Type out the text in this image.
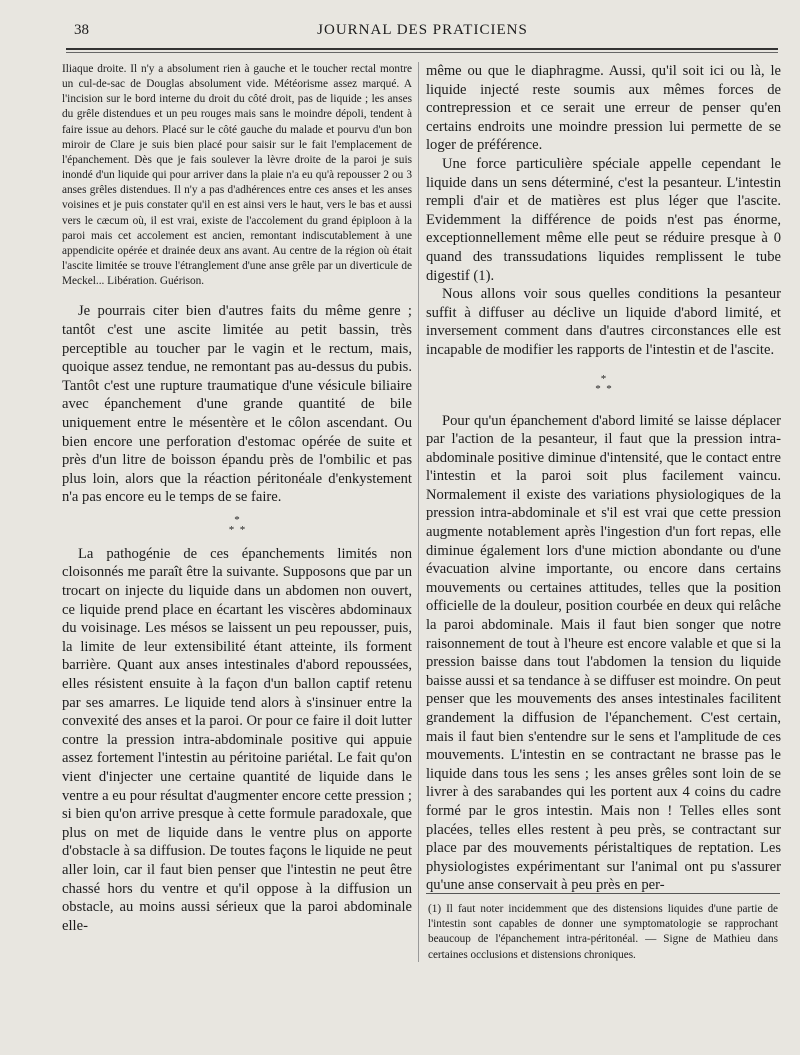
38	JOURNAL DES PRATICIENS

Iliaque droite. Il n'y a absolument rien à gauche et le toucher rectal montre un cul-de-sac de Douglas absolument vide. Météorisme assez marqué. A l'incision sur le bord interne du droit du côté droit, pas de liquide ; les anses du grêle distendues et un peu rouges mais sans le moindre dépoli, tendent à faire issue au dehors. Placé sur le côté gauche du malade et pourvu d'un bon miroir de Clare je suis bien placé pour saisir sur le fait l'emplacement de l'épanchement. Dès que je fais soulever la lèvre droite de la paroi je suis inondé d'un liquide qui pour arriver dans la plaie n'a eu qu'à repousser 2 ou 3 anses grêles distendues. Il n'y a pas d'adhérences entre ces anses et les anses voisines et je puis constater qu'il en est ainsi vers le haut, vers le bas et aussi vers le cæcum où, il est vrai, existe de l'accolement du grand épiploon à la paroi mais cet accolement est ancien, remontant indiscutablement à une appendicite opérée et drainée deux ans avant. Au centre de la région où était l'ascite limitée se trouve l'étranglement d'une anse grêle par un diverticule de Meckel... Libération. Guérison.

Je pourrais citer bien d'autres faits du même genre ; tantôt c'est une ascite limitée au petit bassin, très perceptible au toucher par le vagin et le rectum, mais, quoique assez tendue, ne remontant pas au-dessus du pubis. Tantôt c'est une rupture traumatique d'une vésicule biliaire avec épanchement d'une grande quantité de bile uniquement entre le mésentère et le côlon ascendant. Ou bien encore une perforation d'estomac opérée de suite et près d'un litre de boisson épandu près de l'ombilic et pas plus loin, alors que la réaction péritonéale d'enkystement n'a pas encore eu le temps de se faire.

*
*  *

La pathogénie de ces épanchements limités non cloisonnés me paraît être la suivante. Supposons que par un trocart on injecte du liquide dans un abdomen non ouvert, ce liquide prend place en écartant les viscères abdominaux du voisinage. Les mésos se laissent un peu repousser, puis, la limite de leur extensibilité étant atteinte, ils forment barrière. Quant aux anses intestinales d'abord repoussées, elles résistent ensuite à la façon d'un ballon captif retenu par ses amarres. Le liquide tend alors à s'insinuer entre la convexité des anses et la paroi. Or pour ce faire il doit lutter contre la pression intra-abdominale positive qui appuie assez fortement l'intestin au péritoine pariétal. Le fait qu'on vient d'injecter une certaine quantité de liquide dans le ventre a eu pour résultat d'augmenter encore cette pression ; si bien qu'on arrive presque à cette formule paradoxale, que plus on met de liquide dans le ventre plus on apporte d'obstacle à sa diffusion. De toutes façons le liquide ne peut aller loin, car il faut bien penser que l'intestin ne peut être chassé hors du ventre et qu'il oppose à la diffusion un obstacle, au moins aussi sérieux que la paroi abdominale elle-

même ou que le diaphragme. Aussi, qu'il soit ici ou là, le liquide injecté reste soumis aux mêmes forces de contrepression et ce serait une erreur de penser qu'en certains endroits une moindre pression lui permette de se loger de préférence.

Une force particulière spéciale appelle cependant le liquide dans un sens déterminé, c'est la pesanteur. L'intestin rempli d'air et de matières est plus léger que l'ascite. Evidemment la différence de poids n'est pas énorme, exceptionnellement même elle peut se réduire presque à 0 quand des transsudations liquides remplissent le tube digestif (1).

Nous allons voir sous quelles conditions la pesanteur suffit à diffuser au déclive un liquide d'abord limité, et inversement comment dans d'autres circonstances elle est incapable de modifier les rapports de l'intestin et de l'ascite.

*
*  *

Pour qu'un épanchement d'abord limité se laisse déplacer par l'action de la pesanteur, il faut que la pression intra-abdominale positive diminue d'intensité, que le contact entre l'intestin et la paroi soit plus facilement vaincu. Normalement il existe des variations physiologiques de la pression intra-abdominale et s'il est vrai que cette pression augmente notablement après l'ingestion d'un fort repas, elle diminue également lors d'une miction abondante ou d'une évacuation alvine importante, ou encore dans certains mouvements ou certaines attitudes, telles que la position officielle de la douleur, position courbée en deux qui relâche la paroi abdominale. Mais il faut bien songer que notre raisonnement de tout à l'heure est encore valable et que si la pression baisse dans tout l'abdomen la tension du liquide baisse aussi et sa tendance à se diffuser est moindre. On peut penser que les mouvements des anses intestinales facilitent grandement la diffusion de l'épanchement. C'est certain, mais il faut bien s'entendre sur le sens et l'amplitude de ces mouvements. L'intestin en se contractant ne brasse pas le liquide dans tous les sens ; les anses grêles sont loin de se livrer à des sarabandes qui les portent aux 4 coins du cadre formé par le gros intestin. Mais non ! Telles elles sont placées, telles elles restent à peu près, se contractant sur place par des mouvements péristaltiques de reptation. Les physiologistes expérimentant sur l'animal ont pu s'assurer qu'une anse conservait à peu près en per-

(1) Il faut noter incidemment que des distensions liquides d'une partie de l'intestin sont capables de donner une symptomatologie se rapprochant beaucoup de l'épanchement intra-péritonéal. — Signe de Mathieu dans certaines occlusions et distensions chroniques.
